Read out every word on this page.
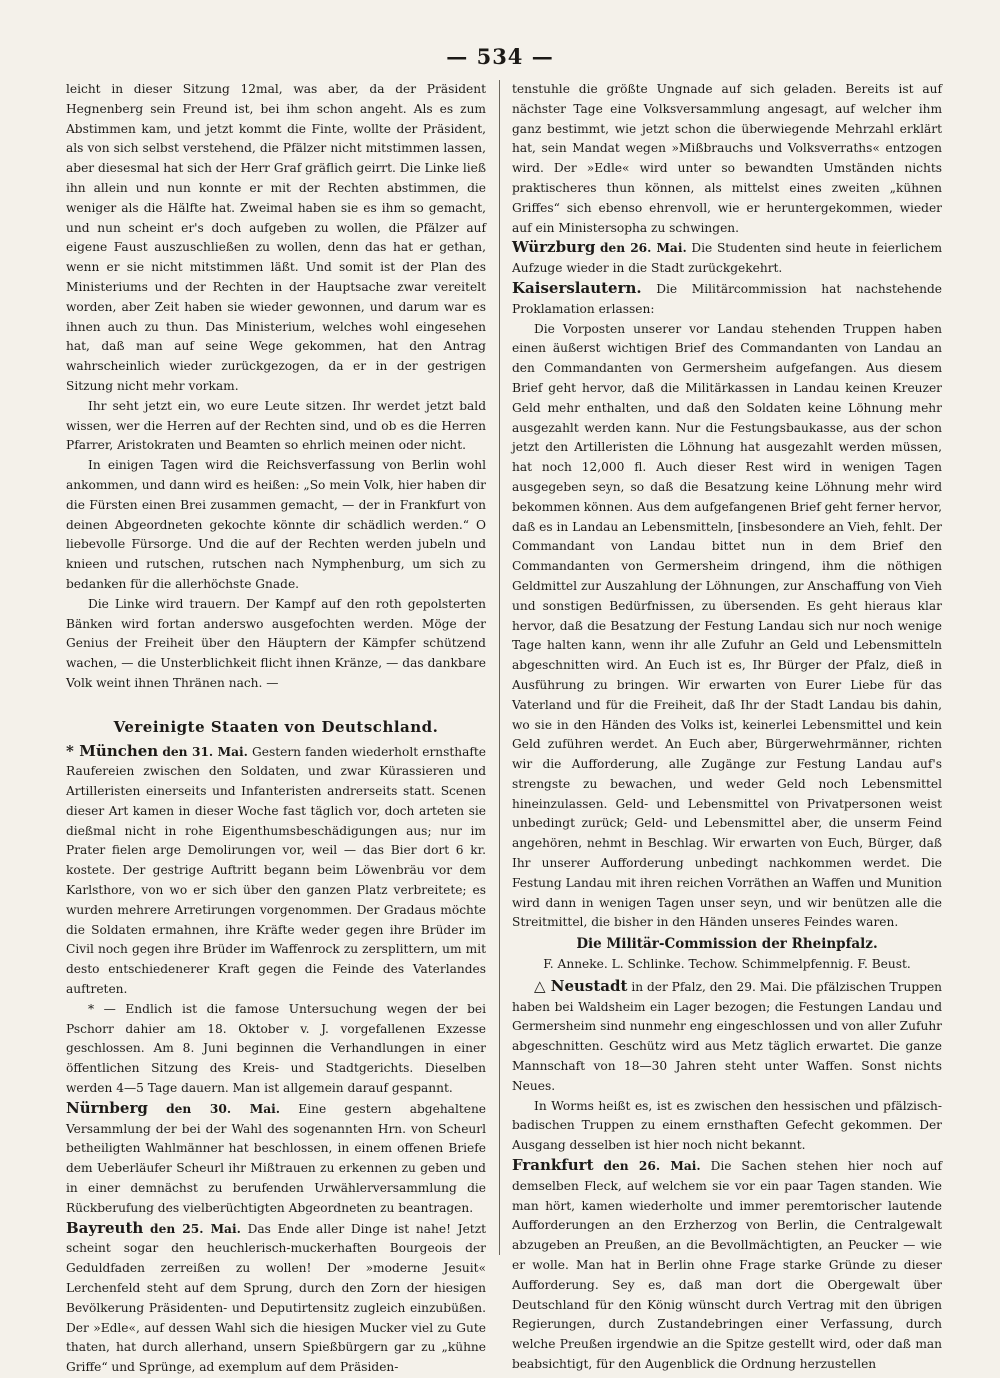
— 534 —

leicht in dieser Sitzung 12mal, was aber, da der Präsident Hegnenberg sein Freund ist, bei ihm schon angeht. Als es zum Abstimmen kam, und jetzt kommt die Finte, wollte der Präsident, als von sich selbst verstehend, die Pfälzer nicht mitstimmen lassen, aber diesesmal hat sich der Herr Graf gräflich geirrt. Die Linke ließ ihn allein und nun konnte er mit der Rechten abstimmen, die weniger als die Hälfte hat. Zweimal haben sie es ihm so gemacht, und nun scheint er's doch aufgeben zu wollen, die Pfälzer auf eigene Faust auszuschließen zu wollen, denn das hat er gethan, wenn er sie nicht mitstimmen läßt. Und somit ist der Plan des Ministeriums und der Rechten in der Hauptsache zwar vereitelt worden, aber Zeit haben sie wieder gewonnen, und darum war es ihnen auch zu thun. Das Ministerium, welches wohl eingesehen hat, daß man auf seine Wege gekommen, hat den Antrag wahrscheinlich wieder zurückgezogen, da er in der gestrigen Sitzung nicht mehr vorkam.

Ihr seht jetzt ein, wo eure Leute sitzen. Ihr werdet jetzt bald wissen, wer die Herren auf der Rechten sind, und ob es die Herren Pfarrer, Aristokraten und Beamten so ehrlich meinen oder nicht.

In einigen Tagen wird die Reichsverfassung von Berlin wohl ankommen, und dann wird es heißen: „So mein Volk, hier haben dir die Fürsten einen Brei zusammen gemacht, — der in Frankfurt von deinen Abgeordneten gekochte könnte dir schädlich werden.“ O liebevolle Fürsorge. Und die auf der Rechten werden jubeln und knieen und rutschen, rutschen nach Nymphenburg, um sich zu bedanken für die allerhöchste Gnade.

Die Linke wird trauern. Der Kampf auf den roth gepolsterten Bänken wird fortan anderswo ausgefochten werden. Möge der Genius der Freiheit über den Häuptern der Kämpfer schützend wachen, — die Unsterblichkeit flicht ihnen Kränze, — das dankbare Volk weint ihnen Thränen nach. —

Vereinigte Staaten von Deutschland.

* München den 31. Mai. Gestern fanden wiederholt ernsthafte Raufereien zwischen den Soldaten, und zwar Kürassieren und Artilleristen einerseits und Infanteristen andrerseits statt. Scenen dieser Art kamen in dieser Woche fast täglich vor, doch arteten sie dießmal nicht in rohe Eigenthumsbeschädigungen aus; nur im Prater fielen arge Demolirungen vor, weil — das Bier dort 6 kr. kostete. Der gestrige Auftritt begann beim Löwenbräu vor dem Karlsthore, von wo er sich über den ganzen Platz verbreitete; es wurden mehrere Arretirungen vorgenommen. Der Gradaus möchte die Soldaten ermahnen, ihre Kräfte weder gegen ihre Brüder im Civil noch gegen ihre Brüder im Waffenrock zu zersplittern, um mit desto entschiedenerer Kraft gegen die Feinde des Vaterlandes auftreten.

* — Endlich ist die famose Untersuchung wegen der bei Pschorr dahier am 18. Oktober v. J. vorgefallenen Exzesse geschlossen. Am 8. Juni beginnen die Verhandlungen in einer öffentlichen Sitzung des Kreis- und Stadtgerichts. Dieselben werden 4—5 Tage dauern. Man ist allgemein darauf gespannt.

Nürnberg den 30. Mai. Eine gestern abgehaltene Versammlung der bei der Wahl des sogenannten Hrn. von Scheurl betheiligten Wahlmänner hat beschlossen, in einem offenen Briefe dem Ueberläufer Scheurl ihr Mißtrauen zu erkennen zu geben und in einer demnächst zu berufenden Urwählerversammlung die Rückberufung des vielberüchtigten Abgeordneten zu beantragen.

Bayreuth den 25. Mai. Das Ende aller Dinge ist nahe! Jetzt scheint sogar den heuchlerisch-muckerhaften Bourgeois der Geduldfaden zerreißen zu wollen! Der »moderne Jesuit« Lerchenfeld steht auf dem Sprung, durch den Zorn der hiesigen Bevölkerung Präsidenten- und Deputirtensitz zugleich einzubüßen. Der »Edle«, auf dessen Wahl sich die hiesigen Mucker viel zu Gute thaten, hat durch allerhand, unsern Spießbürgern gar zu „kühne Griffe“ und Sprünge, ad exemplum auf dem Präsiden-

tenstuhle die größte Ungnade auf sich geladen. Bereits ist auf nächster Tage eine Volksversammlung angesagt, auf welcher ihm ganz bestimmt, wie jetzt schon die überwiegende Mehrzahl erklärt hat, sein Mandat wegen »Mißbrauchs und Volksverraths« entzogen wird. Der »Edle« wird unter so bewandten Umständen nichts praktischeres thun können, als mittelst eines zweiten „kühnen Griffes“ sich ebenso ehrenvoll, wie er heruntergekommen, wieder auf ein Ministersopha zu schwingen.

Würzburg den 26. Mai. Die Studenten sind heute in feierlichem Aufzuge wieder in die Stadt zurückgekehrt.

Kaiserslautern. Die Militärcommission hat nachstehende Proklamation erlassen:

Die Vorposten unserer vor Landau stehenden Truppen haben einen äußerst wichtigen Brief des Commandanten von Landau an den Commandanten von Germersheim aufgefangen. Aus diesem Brief geht hervor, daß die Militärkassen in Landau keinen Kreuzer Geld mehr enthalten, und daß den Soldaten keine Löhnung mehr ausgezahlt werden kann. Nur die Festungsbaukasse, aus der schon jetzt den Artilleristen die Löhnung hat ausgezahlt werden müssen, hat noch 12,000 fl. Auch dieser Rest wird in wenigen Tagen ausgegeben seyn, so daß die Besatzung keine Löhnung mehr wird bekommen können. Aus dem aufgefangenen Brief geht ferner hervor, daß es in Landau an Lebensmitteln, [insbesondere an Vieh, fehlt. Der Commandant von Landau bittet nun in dem Brief den Commandanten von Germersheim dringend, ihm die nöthigen Geldmittel zur Auszahlung der Löhnungen, zur Anschaffung von Vieh und sonstigen Bedürfnissen, zu übersenden. Es geht hieraus klar hervor, daß die Besatzung der Festung Landau sich nur noch wenige Tage halten kann, wenn ihr alle Zufuhr an Geld und Lebensmitteln abgeschnitten wird. An Euch ist es, Ihr Bürger der Pfalz, dieß in Ausführung zu bringen. Wir erwarten von Eurer Liebe für das Vaterland und für die Freiheit, daß Ihr der Stadt Landau bis dahin, wo sie in den Händen des Volks ist, keinerlei Lebensmittel und kein Geld zuführen werdet. An Euch aber, Bürgerwehrmänner, richten wir die Aufforderung, alle Zugänge zur Festung Landau auf's strengste zu bewachen, und weder Geld noch Lebensmittel hineinzulassen. Geld- und Lebensmittel von Privatpersonen weist unbedingt zurück; Geld- und Lebensmittel aber, die unserm Feind angehören, nehmt in Beschlag. Wir erwarten von Euch, Bürger, daß Ihr unserer Aufforderung unbedingt nachkommen werdet. Die Festung Landau mit ihren reichen Vorräthen an Waffen und Munition wird dann in wenigen Tagen unser seyn, und wir benützen alle die Streitmittel, die bisher in den Händen unseres Feindes waren.

Die Militär-Commission der Rheinpfalz.
F. Anneke. L. Schlinke. Techow. Schimmelpfennig. F. Beust.

△ Neustadt in der Pfalz, den 29. Mai. Die pfälzischen Truppen haben bei Waldsheim ein Lager bezogen; die Festungen Landau und Germersheim sind nunmehr eng eingeschlossen und von aller Zufuhr abgeschnitten. Geschütz wird aus Metz täglich erwartet. Die ganze Mannschaft von 18—30 Jahren steht unter Waffen. Sonst nichts Neues.

In Worms heißt es, ist es zwischen den hessischen und pfälzisch-badischen Truppen zu einem ernsthaften Gefecht gekommen. Der Ausgang desselben ist hier noch nicht bekannt.

Frankfurt den 26. Mai. Die Sachen stehen hier noch auf demselben Fleck, auf welchem sie vor ein paar Tagen standen. Wie man hört, kamen wiederholte und immer peremtorischer lautende Aufforderungen an den Erzherzog von Berlin, die Centralgewalt abzugeben an Preußen, an die Bevollmächtigten, an Peucker — wie er wolle. Man hat in Berlin ohne Frage starke Gründe zu dieser Aufforderung. Sey es, daß man dort die Obergewalt über Deutschland für den König wünscht durch Vertrag mit den übrigen Regierungen, durch Zustandebringen einer Verfassung, durch welche Preußen irgendwie an die Spitze gestellt wird, oder daß man beabsichtigt, für den Augenblick die Ordnung herzustellen
